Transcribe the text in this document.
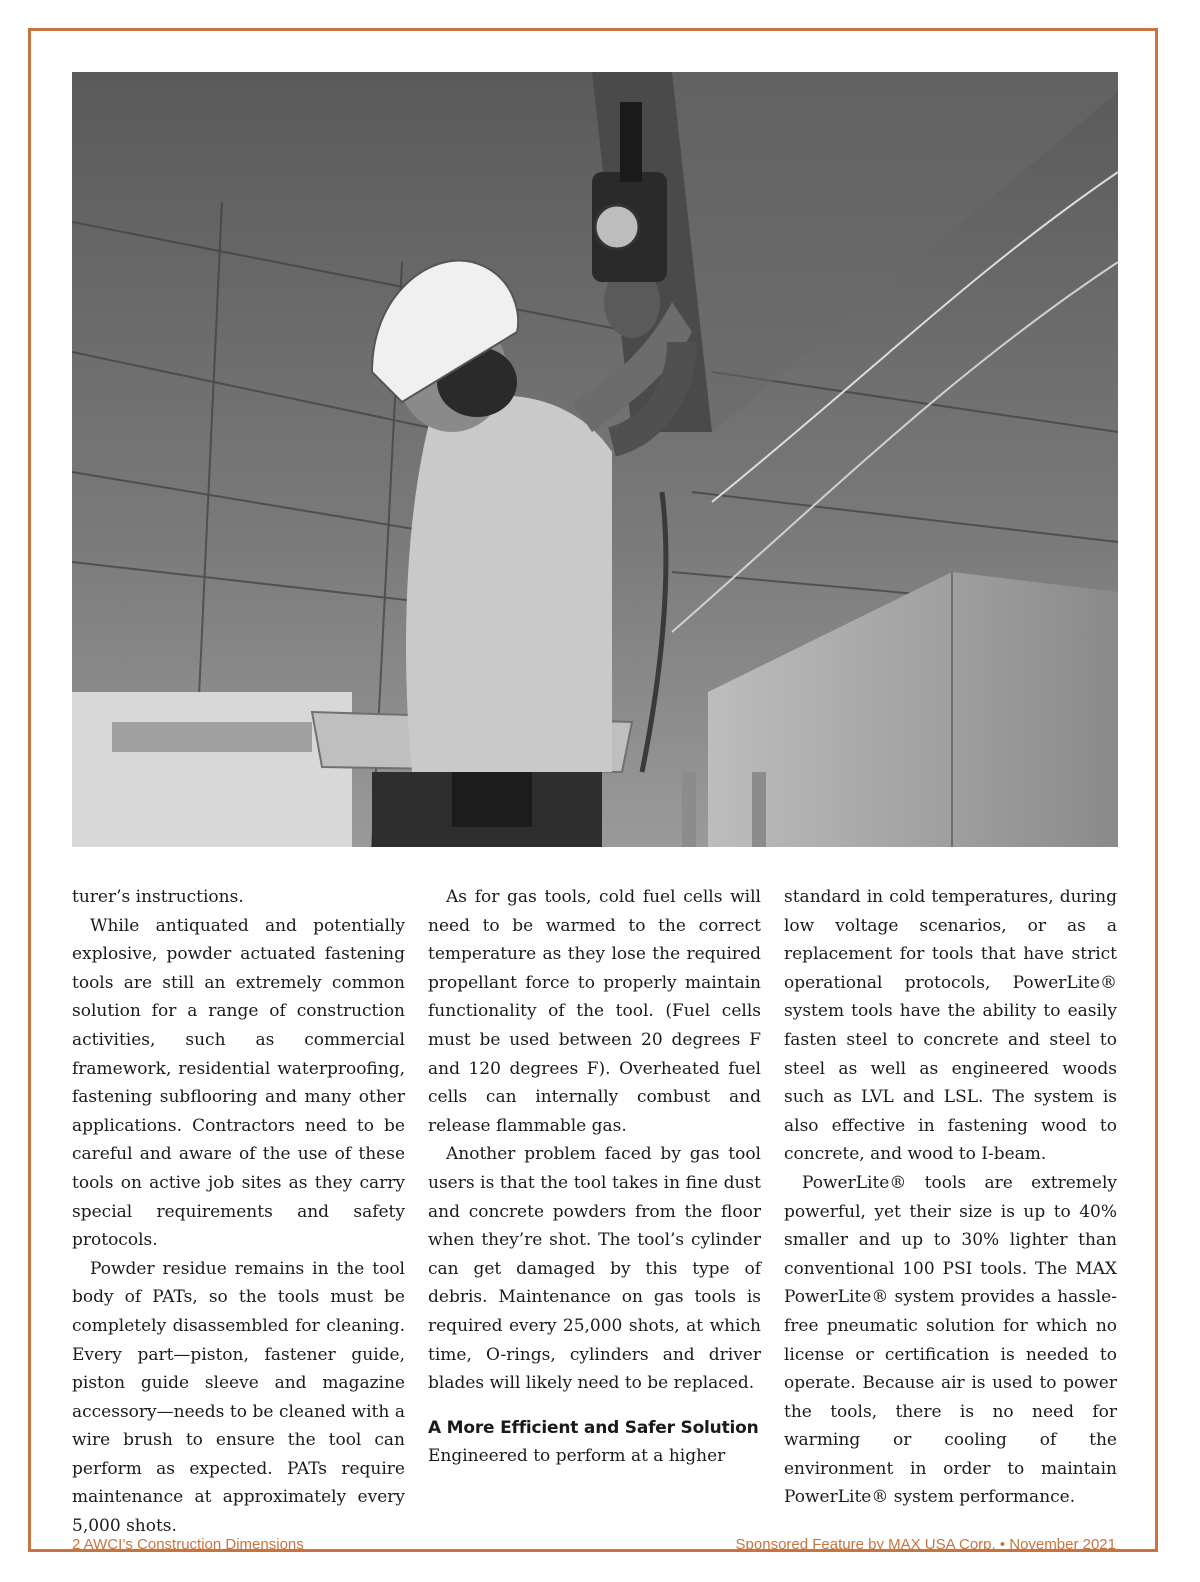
turer’s instructions.

While antiquated and potentially explosive, powder actuated fastening tools are still an extremely common solution for a range of construction activities, such as commercial framework, residential waterproofing, fastening subflooring and many other applications. Contractors need to be careful and aware of the use of these tools on active job sites as they carry special requirements and safety protocols.

Powder residue remains in the tool body of PATs, so the tools must be completely disassembled for cleaning. Every part—piston, fastener guide, piston guide sleeve and magazine accessory—needs to be cleaned with a wire brush to ensure the tool can perform as expected. PATs require maintenance at approximately every 5,000 shots.

As for gas tools, cold fuel cells will need to be warmed to the correct temperature as they lose the required propellant force to properly maintain functionality of the tool. (Fuel cells must be used between 20 degrees F and 120 degrees F). Overheated fuel cells can internally combust and release flammable gas.

Another problem faced by gas tool users is that the tool takes in fine dust and concrete powders from the floor when they’re shot. The tool’s cylinder can get damaged by this type of debris. Maintenance on gas tools is required every 25,000 shots, at which time, O-rings, cylinders and driver blades will likely need to be replaced.

A More Efficient and Safer Solution

Engineered to perform at a higher

standard in cold temperatures, during low voltage scenarios, or as a replacement for tools that have strict operational protocols, PowerLite® system tools have the ability to easily fasten steel to concrete and steel to steel as well as engineered woods such as LVL and LSL. The system is also effective in fastening wood to concrete, and wood to I-beam.

PowerLite® tools are extremely powerful, yet their size is up to 40% smaller and up to 30% lighter than conventional 100 PSI tools. The MAX PowerLite® system provides a hassle-free pneumatic solution for which no license or certification is needed to operate. Because air is used to power the tools, there is no need for warming or cooling of the environment in order to maintain PowerLite® system performance.

2 AWCI’s Construction Dimensions	Sponsored Feature by MAX USA Corp. • November 2021
